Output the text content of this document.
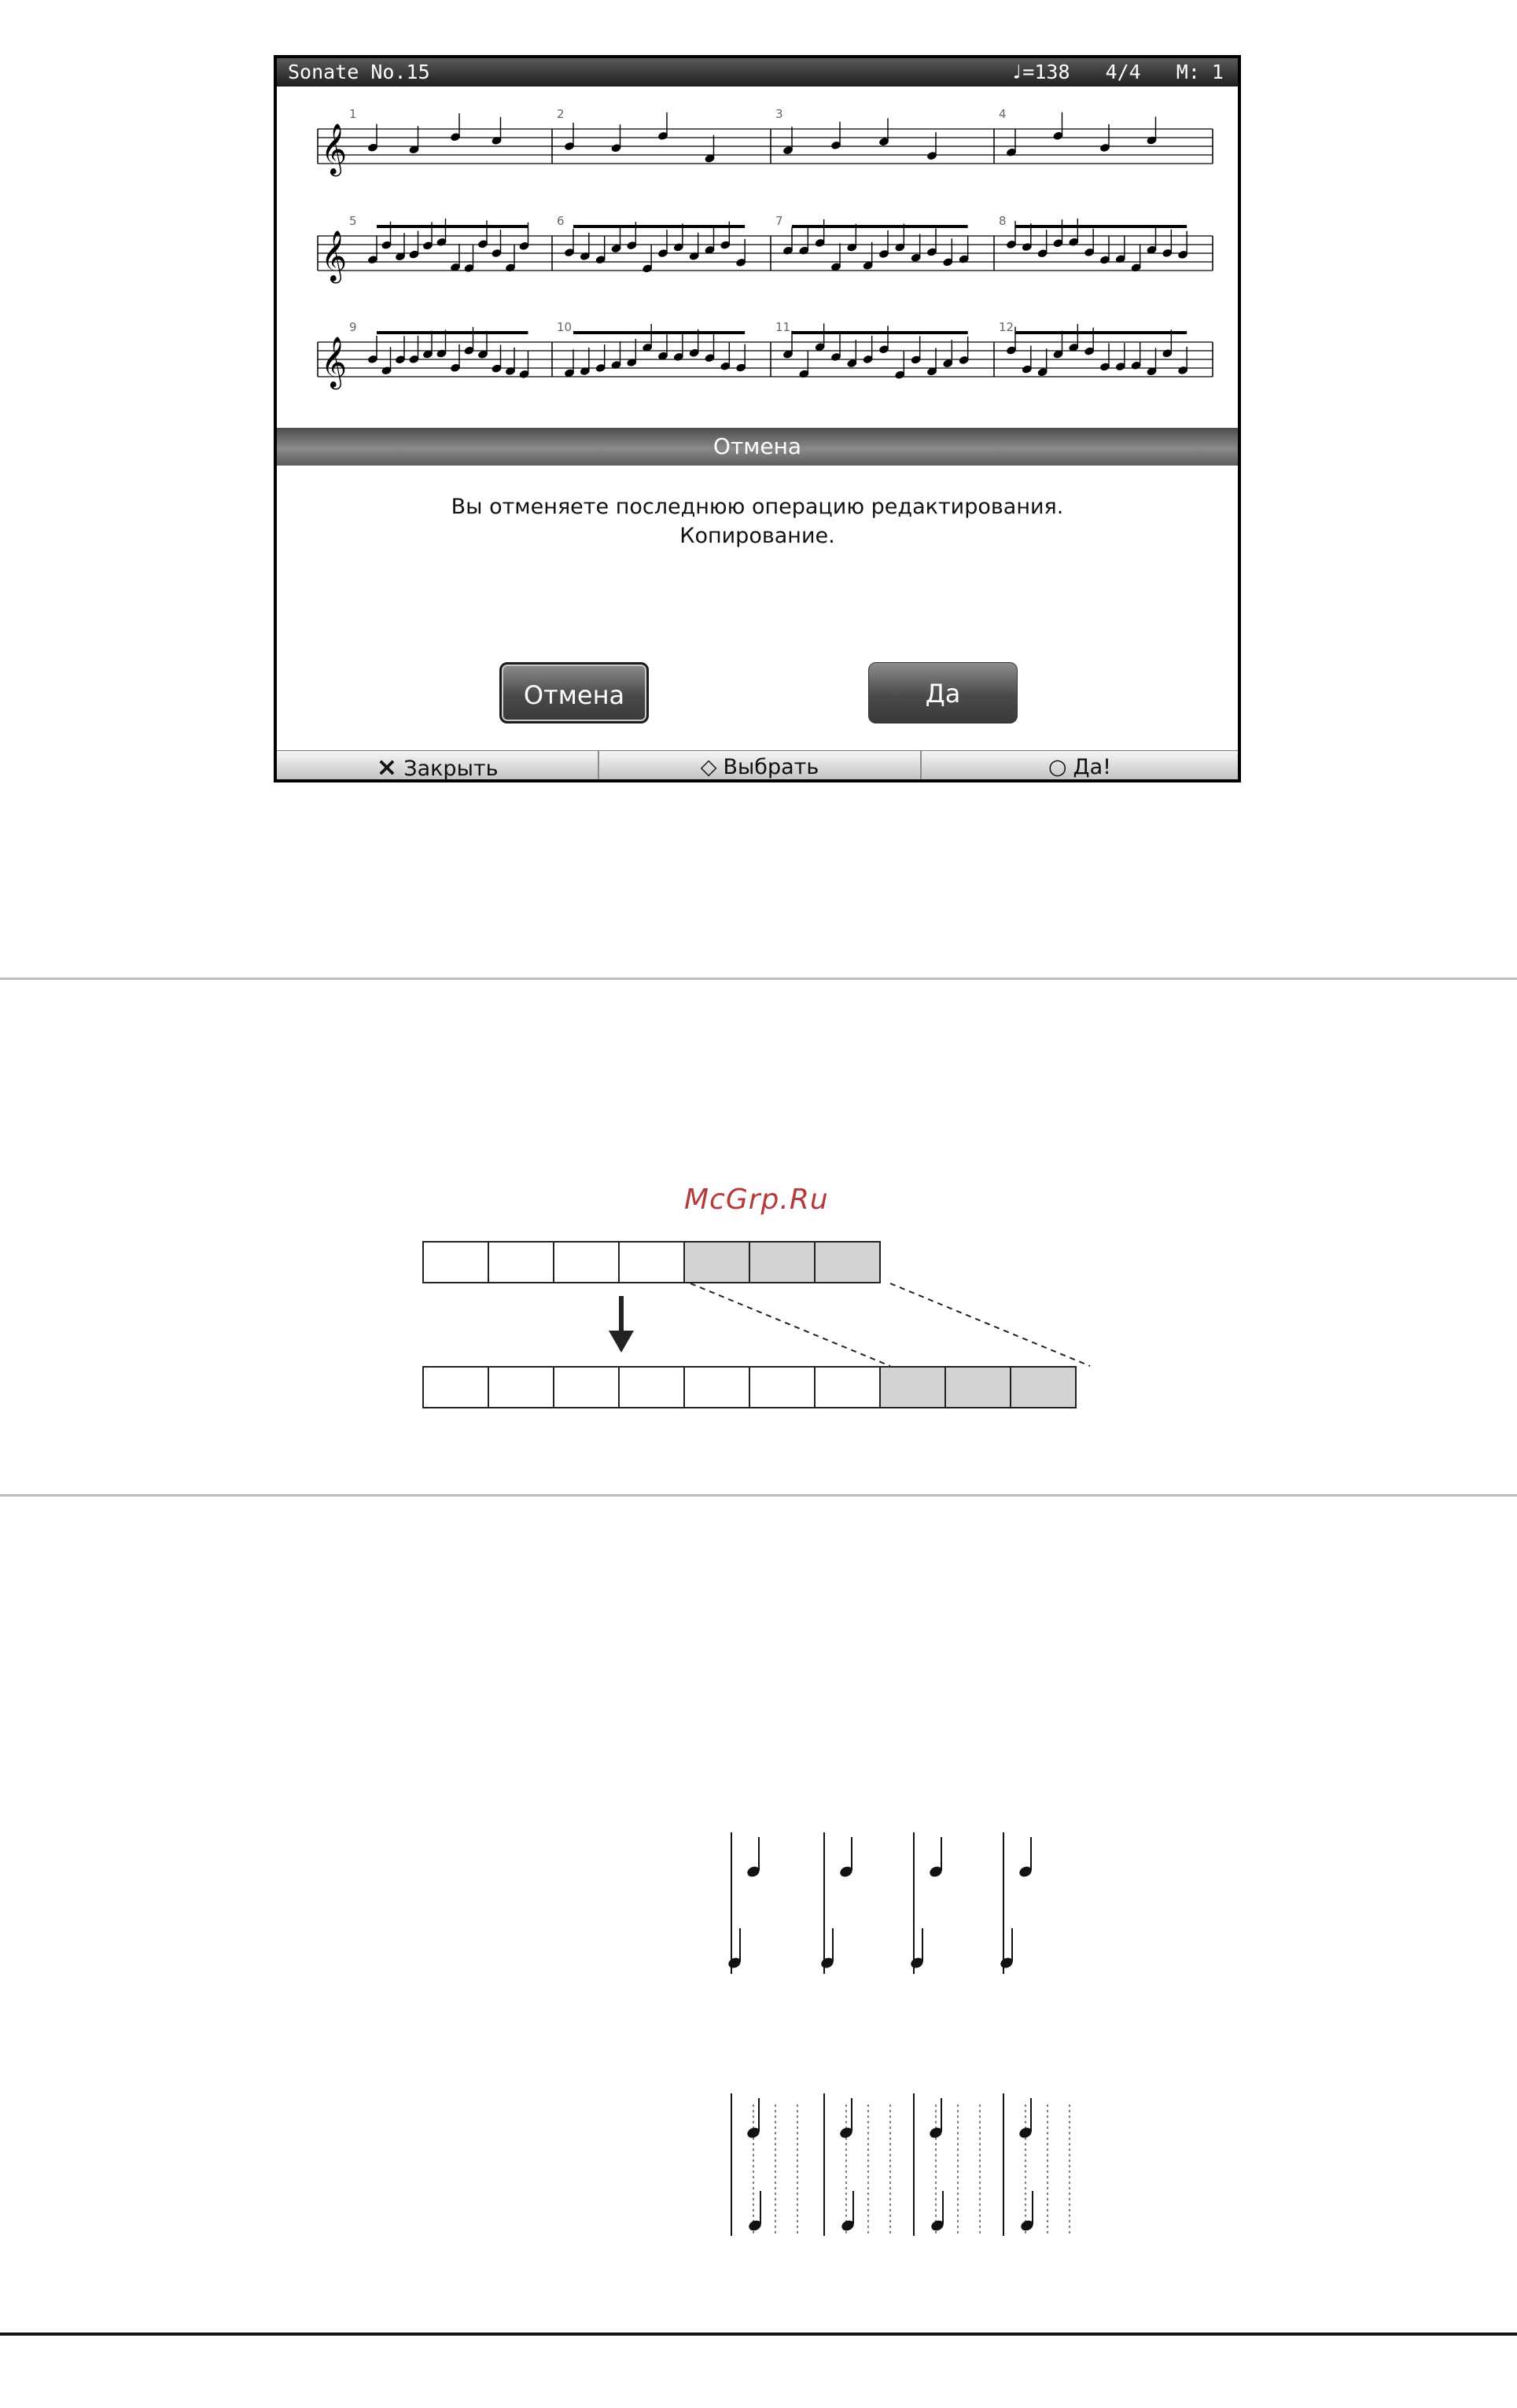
Sonate No.15	♩=138 4/4 M: 1
𝄞
1	2	3	4
𝄞
5	6	7	8
𝄞
9	10	11	12
Отмена
Вы отменяете последнюю операцию редактирования.
Копирование.
Отмена	Да
× Закрыть	◇ Выбрать	○ Да!
McGrp.Ru
